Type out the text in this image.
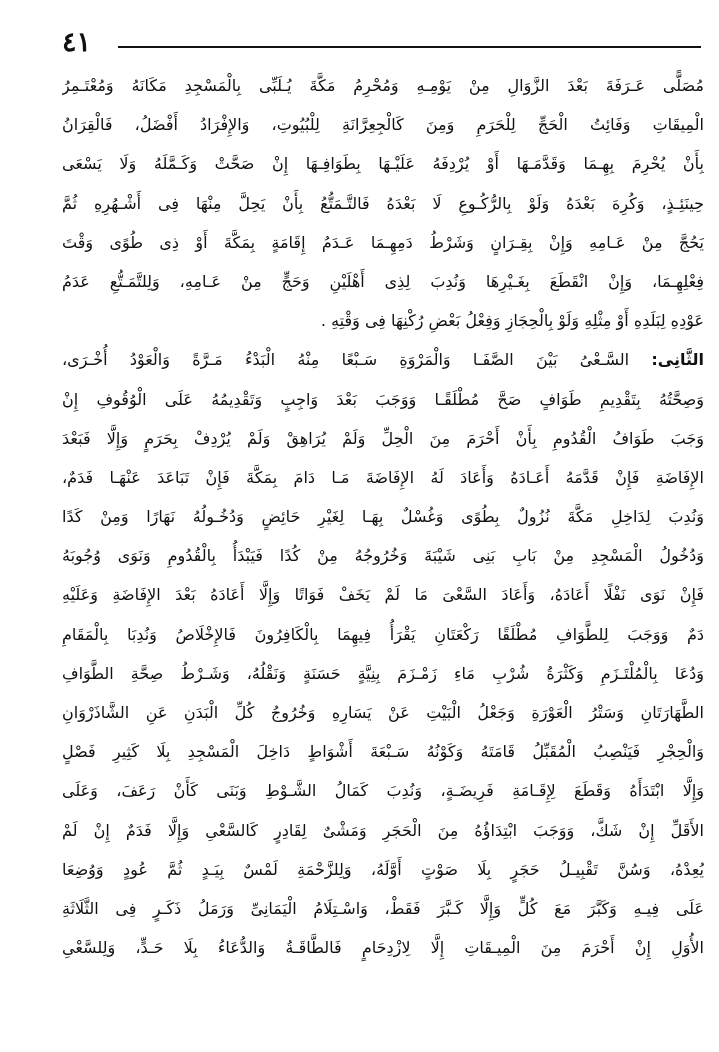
٤١
مُصَلًّى عَـرَفَةَ بَعْدَ الزَّوَالِ مِنْ يَوْمِـهِ وَمُحْرِمُ مَكَّةَ يُـلَبِّى بِالْمَسْجِدِ مَكَانَهُ وَمُعْتَـمِرُ
الْمِيقَاتِ وَفَائِتُ الْحَجِّ لِلْحَرَمِ وَمِنَ كَالْجِعِرَّانَةِ لِلْبُيُوتِ، وَالإِفْرَادُ أَفْضَلُ، فَالْقِرَانُ
بِأَنْ يُحْرِمَ بِهِـمَا وَقَدَّمَـهَا أَوْ يُرْدِفَهُ عَلَيْـهَا بِطَوَافِـهَا إِنْ صَحَّتْ وَكَـمَّلَهُ وَلَا يَسْعَى
حِينَئِـذٍ، وَكُرِهَ بَعْدَهُ وَلَوْ بِالرُّكُـوعِ لَا بَعْدَهُ فَالتَّـمَتُّعُ بِأَنْ يَحِلَّ مِنْهَا فِى أَشْـهُرِهِ ثُمَّ
يَحُجَّ مِنْ عَـامِهِ وَإِنْ بِقِـرَانٍ وَشَرْطُ دَمِهِـمَا عَـدَمُ إِقَامَةٍ بِمَكَّةَ أَوْ ذِى طُوًى وَقْتَ
فِعْلِهِـمَا، وَإِنْ انْقَطَعَ بِغَـيْرِهَا وَنُدِبَ لِذِى أَهْلَيْنِ وَحَجٍّ مِنْ عَـامِهِ، وَلِلتَّمَـتُّعِ عَدَمُ
عَوْدِهِ لِبَلَدِهِ أَوْ مِثْلِهِ وَلَوْ بِالْحِجَازِ وَفِعْلُ بَعْضِ رُكْنِهَا فِى وَقْتِهِ .
الثَّانِى: السَّـعْىُ بَيْنَ الصَّفَـا وَالْمَرْوَةِ سَـبْعًا مِنْهُ الْبَدْءُ مَـرَّةً وَالْعَوْدُ أُخْـرَى،
وَصِحَّتُهُ بِتَقْدِيمِ طَوَافٍ صَحَّ مُطْلَقًـا وَوَجَبَ بَعْدَ وَاجِبٍ وَتَقْدِيمُهُ عَلَى الْوُقُوفِ إِنْ
وَجَبَ طَوَافُ الْقُدُومِ بِأَنْ أَحْرَمَ مِنَ الْحِلِّ وَلَمْ يُرَاهِقْ وَلَمْ يُرْدِفْ بِحَرَمٍ وَإِلَّا فَبَعْدَ
الإِفَاضَةِ فَإِنْ قَدَّمَهُ أَعَـادَهُ وَأَعَادَ لَهُ الإِفَاضَةَ مَـا دَامَ بِمَكَّةَ فَإِنْ تَبَاعَدَ عَنْهَـا فَدَمٌ،
وَنُدِبَ لِدَاخِلِ مَكَّةَ نُزُولٌ بِطُوًى وَغُسْلٌ بِهَـا لِغَيْرِ حَائِضٍ وَدُخُـولُهُ نَهَارًا وَمِنْ كَدًا
وَدُخُولُ الْمَسْجِدِ مِنْ بَابِ بَنِى شَيْبَةَ وَخُرُوجُهُ مِنْ كُدًا فَيَبْدَأُ بِالْقُدُومِ وَنَوَى وُجُوبَهُ
فَإِنْ نَوَى نَفْلًا أَعَادَهُ، وَأَعَادَ السَّعْىَ مَا لَمْ يَخَفْ فَوَاتًا وَإِلَّا أَعَادَهُ بَعْدَ الإِفَاضَةِ وَعَلَيْهِ
دَمٌ وَوَجَبَ لِلطَّوَافِ مُطْلَقًا رَكْعَتَانِ يَقْرَأُ فِيهِمَا بِالْكَافِرُونَ فَالإِخْلَاصُ وَنُدِبَا بِالْمَقَامِ
وَدُعَا بِالْمُلْتَـزَمِ وَكَثْرَةُ شُرْبِ مَاءِ زَمْـزَمَ بِنِيَّةٍ حَسَنَةٍ وَنَقْلُهُ، وَشَـرْطُ صِحَّةِ الطَّوَافِ
الطَّهَارَتَانِ وَسَتْرُ الْعَوْرَةِ وَجَعْلُ الْبَيْتِ عَنْ يَسَارِهِ وَخُرُوجُ كُلِّ الْبَدَنِ عَنِ الشَّاذَرْوَانِ
وَالْحِجْرِ فَيَنْصِبُ الْمُقَبِّلُ قَامَتَهُ وَكَوْنُهُ سَـبْعَةَ أَشْوَاطٍ دَاخِلَ الْمَسْجِدِ بِلَا كَثِيرِ فَصْلٍ
وَإِلَّا ابْتَدَأَهُ وَقَطَعَ لِإِقَـامَةِ فَرِيضَـةٍ، وَنُدِبَ كَمَالُ الشَّـوْطِ وَبَنَى كَأَنْ رَعَفَ، وَعَلَى
الأَقَلِّ إِنْ شَكَّ، وَوَجَبَ ابْتِدَاؤُهُ مِنَ الْحَجَرِ وَمَشْىٌ لِقَادِرٍ كَالسَّعْىِ وَإِلَّا فَدَمٌ إِنْ لَمْ
يُعِدْهُ، وَسُنَّ تَقْبِيـلُ حَجَرٍ بِلَا صَوْتٍ أَوَّلَهُ، وَلِلزَّحْمَةِ لَمْسٌ بِيَـدٍ ثُمَّ عُودٍ وَوُضِعَا
عَلَى فِيـهِ وَكَبَّرَ مَعَ كُلٍّ وَإِلَّا كَـبَّرَ فَقَطْ، وَاسْـتِلَامُ الْيَمَانِىِّ وَرَمَلُ ذَكَـرٍ فِى الثَّلَاثَةِ
الأُوَلِ إِنْ أَحْرَمَ مِنَ الْمِيـقَاتِ إِلَّا لِازْدِحَامٍ فَالطَّاقَـةُ وَالدُّعَاءُ بِلَا حَـدٍّ، وَلِلسَّعْىِ
